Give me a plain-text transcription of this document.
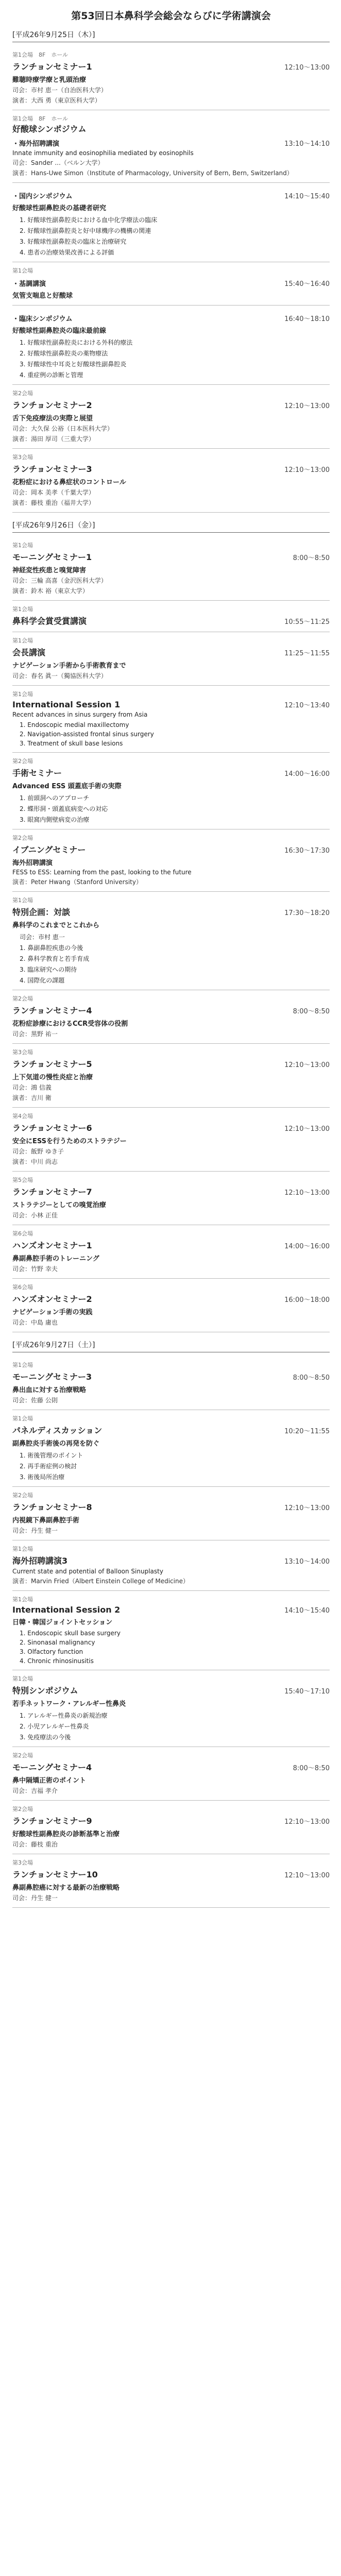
第53回日本鼻科学会総会ならびに学術講演会
[平成26年9月25日（木）]
第1会場　8F　ホール
ランチョンセミナー1	12:10〜13:00
難聴時療学療と乳頭治療
司会：市村 恵一（自治医科大学）
演者：大西 勇（東京医科大学）
第1会場　8F　ホール
好酸球シンポジウム
・海外招聘講演	13:10〜14:10
Innate immunity and eosinophilia mediated by eosinophils
司会：Sander ...（ベルン大学）
演者：Hans-Uwe Simon（Institute of Pharmacology, University of Bern, Bern, Switzerland）
・国内シンポジウム	14:10〜15:40
好酸球性副鼻腔炎の基礎者研究
1. 好酸球性副鼻腔炎における血中化学療法の臨床
2. 好酸球性副鼻腔炎と好中球機序の機構の関連
3. 好酸球性副鼻腔炎の臨床と治療研究
4. 患者の治療効果改善による評価
第1会場
・基調講演	15:40〜16:40
気管支喘息と好酸球
・臨床シンポジウム	16:40〜18:10
好酸球性副鼻腔炎の臨床最前線
1. 好酸球性副鼻腔炎における外科的療法
2. 好酸球性副鼻腔炎の薬物療法
3. 好酸球性中耳炎と好酸球性副鼻腔炎
4. 重症例の診断と管理
第2会場
ランチョンセミナー2	12:10〜13:00
舌下免疫療法の実際と展望
司会：大久保 公裕（日本医科大学）
演者：湯田 厚司（三重大学）
第3会場
ランチョンセミナー3	12:10〜13:00
花粉症における鼻症状のコントロール
司会：岡本 美孝（千葉大学）
演者：藤枝 重治（福井大学）
[平成26年9月26日（金）]
第1会場
モーニングセミナー1	8:00〜8:50
神経変性疾患と嗅覚障害
司会：三輪 高喜（金沢医科大学）
演者：鈴木 裕（東京大学）
第1会場
鼻科学会賞受賞講演	10:55〜11:25
第1会場
会長講演	11:25〜11:55
ナビゲーション手術から手術教育まで
司会：春名 眞一（獨協医科大学）
第1会場
International Session 1	12:10〜13:40
Recent advances in sinus surgery from Asia
1. Endoscopic medial maxillectomy
2. Navigation-assisted frontal sinus surgery
3. Treatment of skull base lesions
第2会場
手術セミナー	14:00〜16:00
Advanced ESS 頭蓋底手術の実際
1. 前頭洞へのアプローチ
2. 蝶形洞・頭蓋底病変への対応
3. 眼窩内側壁病変の治療
第2会場
イブニングセミナー	16:30〜17:30
海外招聘講演
FESS to ESS: Learning from the past, looking to the future
演者：Peter Hwang（Stanford University）
第1会場
特別企画：対談	17:30〜18:20
鼻科学のこれまでとこれから
司会：市村 恵一
1. 鼻副鼻腔疾患の今後
2. 鼻科学教育と若手育成
3. 臨床研究への期待
4. 国際化の課題
第2会場
ランチョンセミナー4	8:00〜8:50
花粉症診療におけるCCR受容体の役割
司会：黒野 祐一
第3会場
ランチョンセミナー5	12:10〜13:00
上下気道の慢性炎症と治療
司会：鴻 信義
演者：吉川 衛
第4会場
ランチョンセミナー6	12:10〜13:00
安全にESSを行うためのストラテジー
司会：飯野 ゆき子
演者：中川 尚志
第5会場
ランチョンセミナー7	12:10〜13:00
ストラテジーとしての嗅覚治療
司会：小林 正佳
第6会場
ハンズオンセミナー1	14:00〜16:00
鼻副鼻腔手術のトレーニング
司会：竹野 幸夫
第6会場
ハンズオンセミナー2	16:00〜18:00
ナビゲーション手術の実践
司会：中島 庸也
[平成26年9月27日（土）]
第1会場
モーニングセミナー3	8:00〜8:50
鼻出血に対する治療戦略
司会：佐藤 公則
第1会場
パネルディスカッション	10:20〜11:55
副鼻腔炎手術後の再発を防ぐ
1. 術後管理のポイント
2. 再手術症例の検討
3. 術後局所治療
第2会場
ランチョンセミナー8	12:10〜13:00
内視鏡下鼻副鼻腔手術
司会：丹生 健一
第1会場
海外招聘講演3	13:10〜14:00
Current state and potential of Balloon Sinuplasty
演者：Marvin Fried（Albert Einstein College of Medicine）
第1会場
International Session 2	14:10〜15:40
日韓・韓国ジョイントセッション
1. Endoscopic skull base surgery
2. Sinonasal malignancy
3. Olfactory function
4. Chronic rhinosinusitis
第1会場
特別シンポジウム	15:40〜17:10
若手ネットワーク・アレルギー性鼻炎
1. アレルギー性鼻炎の新規治療
2. 小児アレルギー性鼻炎
3. 免疫療法の今後
第2会場
モーニングセミナー4	8:00〜8:50
鼻中隔矯正術のポイント
司会：吉福 孝介
第2会場
ランチョンセミナー9	12:10〜13:00
好酸球性副鼻腔炎の診断基準と治療
司会：藤枝 重治
第3会場
ランチョンセミナー10	12:10〜13:00
鼻副鼻腔癌に対する最新の治療戦略
司会：丹生 健一
